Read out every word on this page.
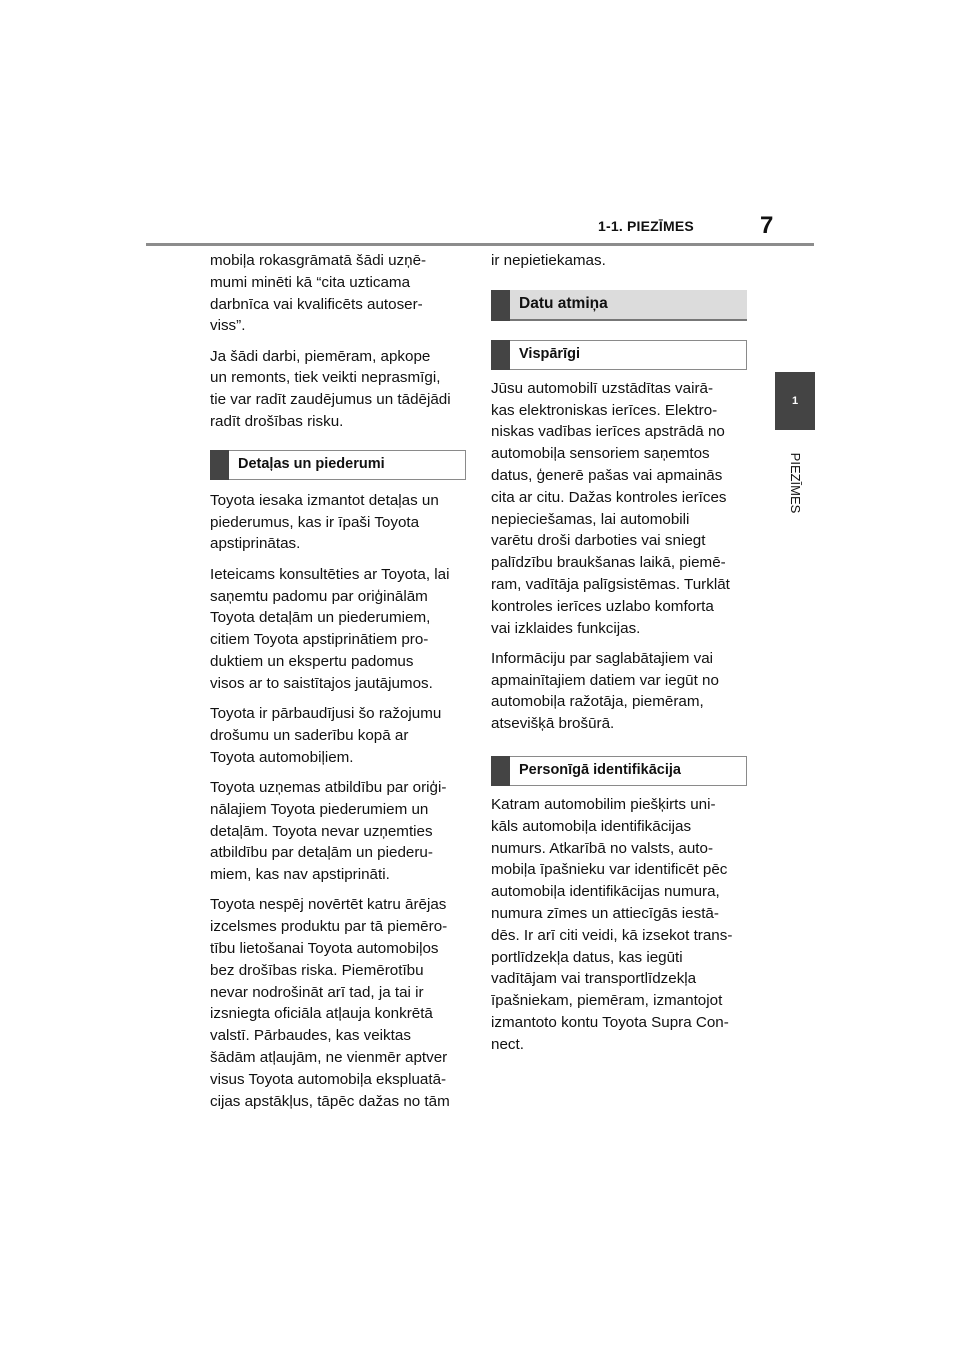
1-1. PIEZĪMES	7
1
PIEZĪMES

mobiļa rokasgrāmatā šādi uzņē-
mumi minēti kā “cita uzticama
darbnīca vai kvalificēts autoser-
viss”.

Ja šādi darbi, piemēram, apkope
un remonts, tiek veikti neprasmīgi,
tie var radīt zaudējumus un tādējādi
radīt drošības risku.

Detaļas un piederumi

Toyota iesaka izmantot detaļas un
piederumus, kas ir īpaši Toyota
apstiprinātas.

Ieteicams konsultēties ar Toyota, lai
saņemtu padomu par oriģinālām
Toyota detaļām un piederumiem,
citiem Toyota apstiprinātiem pro-
duktiem un ekspertu padomus
visos ar to saistītajos jautājumos.

Toyota ir pārbaudījusi šo ražojumu
drošumu un saderību kopā ar
Toyota automobiļiem.

Toyota uzņemas atbildību par oriģi-
nālajiem Toyota piederumiem un
detaļām. Toyota nevar uzņemties
atbildību par detaļām un piederu-
miem, kas nav apstiprināti.

Toyota nespēj novērtēt katru ārējas
izcelsmes produktu par tā piemēro-
tību lietošanai Toyota automobiļos
bez drošības riska. Piemērotību
nevar nodrošināt arī tad, ja tai ir
izsniegta oficiāla atļauja konkrētā
valstī. Pārbaudes, kas veiktas
šādām atļaujām, ne vienmēr aptver
visus Toyota automobiļa ekspluatā-
cijas apstākļus, tāpēc dažas no tām

ir nepietiekamas.

Datu atmiņa
Vispārīgi

Jūsu automobilī uzstādītas vairā-
kas elektroniskas ierīces. Elektro-
niskas vadības ierīces apstrādā no
automobiļa sensoriem saņemtos
datus, ģenerē pašas vai apmainās
cita ar citu. Dažas kontroles ierīces
nepieciešamas, lai automobili
varētu droši darboties vai sniegt
palīdzību braukšanas laikā, piemē-
ram, vadītāja palīgsistēmas. Turklāt
kontroles ierīces uzlabo komforta
vai izklaides funkcijas.

Informāciju par saglabātajiem vai
apmainītajiem datiem var iegūt no
automobiļa ražotāja, piemēram,
atsevišķā brošūrā.

Personīgā identifikācija

Katram automobilim piešķirts uni-
kāls automobiļa identifikācijas
numurs. Atkarībā no valsts, auto-
mobiļa īpašnieku var identificēt pēc
automobiļa identifikācijas numura,
numura zīmes un attiecīgās iestā-
dēs. Ir arī citi veidi, kā izsekot trans-
portlīdzekļa datus, kas iegūti
vadītājam vai transportlīdzekļa
īpašniekam, piemēram, izmantojot
izmantoto kontu Toyota Supra Con-
nect.
